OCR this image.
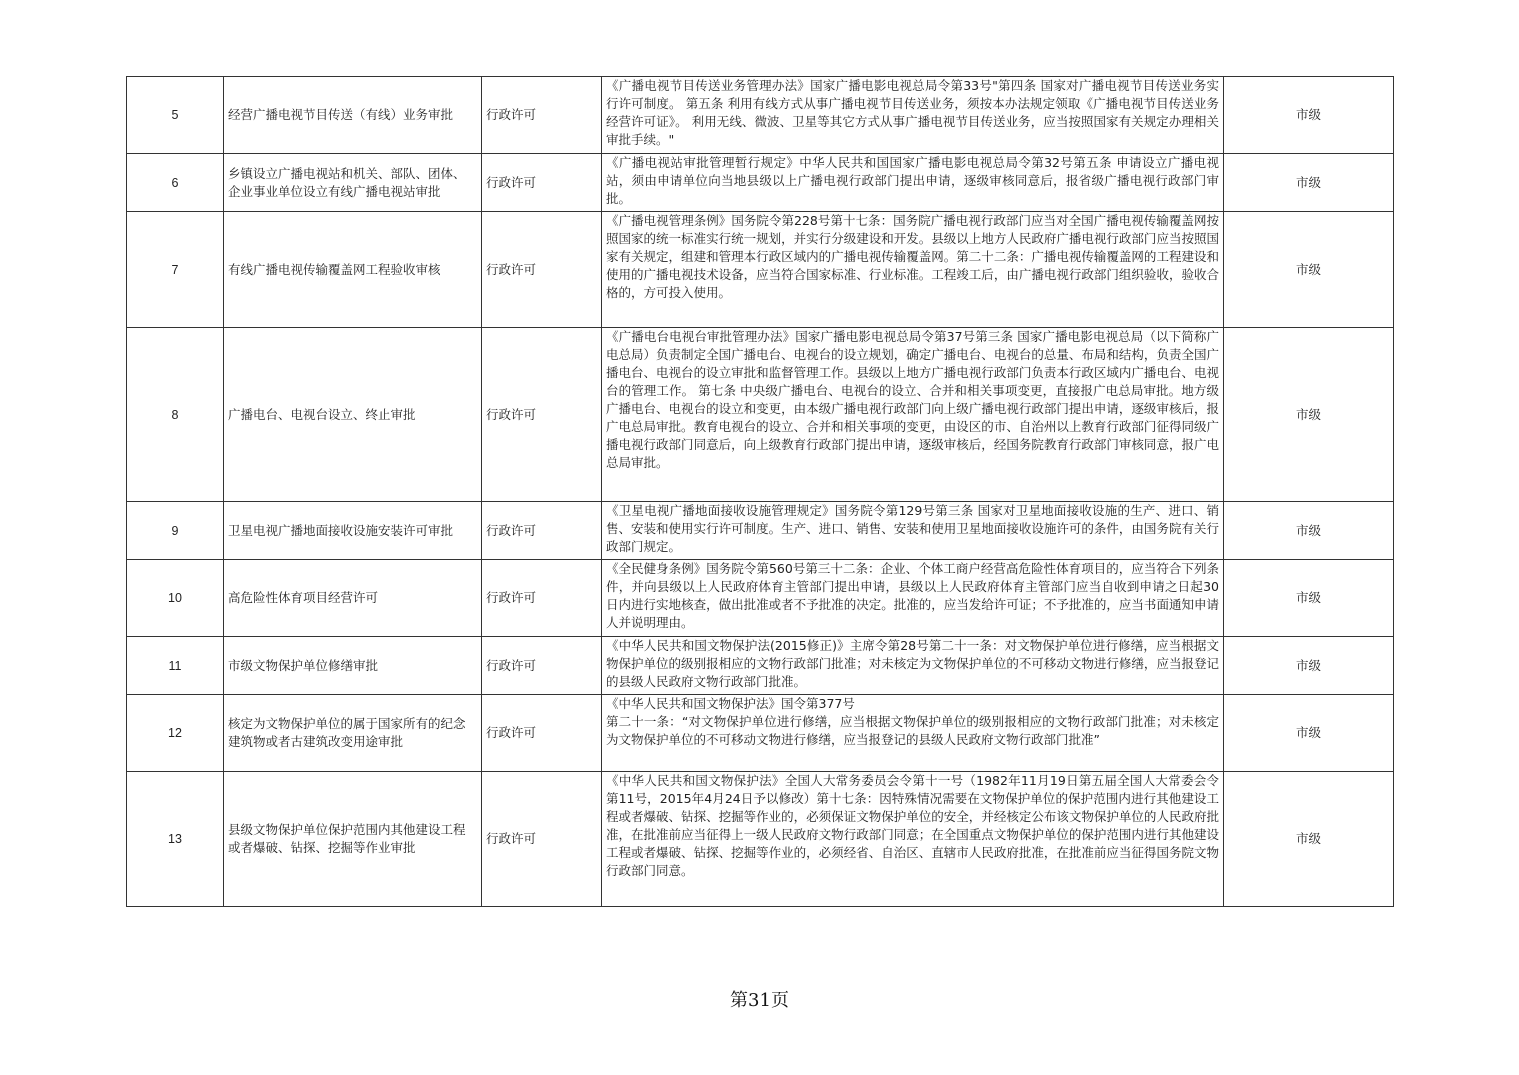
5	经营广播电视节目传送（有线）业务审批	行政许可	《广播电视节目传送业务管理办法》国家广播电影电视总局令第33号"第四条 国家对广播电视节目传送业务实行许可制度。 第五条 利用有线方式从事广播电视节目传送业务，须按本办法规定领取《广播电视节目传送业务经营许可证》。 利用无线、微波、卫星等其它方式从事广播电视节目传送业务，应当按照国家有关规定办理相关审批手续。"	市级
6	乡镇设立广播电视站和机关、部队、团体、企业事业单位设立有线广播电视站审批	行政许可	《广播电视站审批管理暂行规定》中华人民共和国国家广播电影电视总局令第32号第五条 申请设立广播电视站，须由申请单位向当地县级以上广播电视行政部门提出申请，逐级审核同意后，报省级广播电视行政部门审批。	市级
7	有线广播电视传输覆盖网工程验收审核	行政许可	《广播电视管理条例》国务院令第228号第十七条：国务院广播电视行政部门应当对全国广播电视传输覆盖网按照国家的统一标准实行统一规划，并实行分级建设和开发。县级以上地方人民政府广播电视行政部门应当按照国家有关规定，组建和管理本行政区域内的广播电视传输覆盖网。第二十二条：广播电视传输覆盖网的工程建设和使用的广播电视技术设备，应当符合国家标准、行业标准。工程竣工后，由广播电视行政部门组织验收，验收合格的，方可投入使用。	市级
8	广播电台、电视台设立、终止审批	行政许可	《广播电台电视台审批管理办法》国家广播电影电视总局令第37号第三条 国家广播电影电视总局（以下简称广电总局）负责制定全国广播电台、电视台的设立规划，确定广播电台、电视台的总量、布局和结构，负责全国广播电台、电视台的设立审批和监督管理工作。县级以上地方广播电视行政部门负责本行政区域内广播电台、电视台的管理工作。 第七条 中央级广播电台、电视台的设立、合并和相关事项变更，直接报广电总局审批。地方级广播电台、电视台的设立和变更，由本级广播电视行政部门向上级广播电视行政部门提出申请，逐级审核后，报广电总局审批。教育电视台的设立、合并和相关事项的变更，由设区的市、自治州以上教育行政部门征得同级广播电视行政部门同意后，向上级教育行政部门提出申请，逐级审核后，经国务院教育行政部门审核同意，报广电总局审批。	市级
9	卫星电视广播地面接收设施安装许可审批	行政许可	《卫星电视广播地面接收设施管理规定》国务院令第129号第三条 国家对卫星地面接收设施的生产、进口、销售、安装和使用实行许可制度。生产、进口、销售、安装和使用卫星地面接收设施许可的条件，由国务院有关行政部门规定。	市级
10	高危险性体育项目经营许可	行政许可	《全民健身条例》国务院令第560号第三十二条：企业、个体工商户经营高危险性体育项目的，应当符合下列条件，并向县级以上人民政府体育主管部门提出申请，县级以上人民政府体育主管部门应当自收到申请之日起30日内进行实地核查，做出批准或者不予批准的决定。批准的，应当发给许可证；不予批准的，应当书面通知申请人并说明理由。	市级
11	市级文物保护单位修缮审批	行政许可	《中华人民共和国文物保护法(2015修正)》主席令第28号第二十一条：对文物保护单位进行修缮，应当根据文物保护单位的级别报相应的文物行政部门批准；对未核定为文物保护单位的不可移动文物进行修缮，应当报登记的县级人民政府文物行政部门批准。	市级
12	核定为文物保护单位的属于国家所有的纪念建筑物或者古建筑改变用途审批	行政许可	《中华人民共和国文物保护法》国令第377号
第二十一条：“对文物保护单位进行修缮，应当根据文物保护单位的级别报相应的文物行政部门批准；对未核定为文物保护单位的不可移动文物进行修缮，应当报登记的县级人民政府文物行政部门批准”	市级
13	县级文物保护单位保护范围内其他建设工程或者爆破、钻探、挖掘等作业审批	行政许可	《中华人民共和国文物保护法》全国人大常务委员会令第十一号（1982年11月19日第五届全国人大常委会令第11号，2015年4月24日予以修改）第十七条：因特殊情况需要在文物保护单位的保护范围内进行其他建设工程或者爆破、钻探、挖掘等作业的，必须保证文物保护单位的安全，并经核定公布该文物保护单位的人民政府批准，在批准前应当征得上一级人民政府文物行政部门同意；在全国重点文物保护单位的保护范围内进行其他建设工程或者爆破、钻探、挖掘等作业的，必须经省、自治区、直辖市人民政府批准，在批准前应当征得国务院文物行政部门同意。	市级
第31页
